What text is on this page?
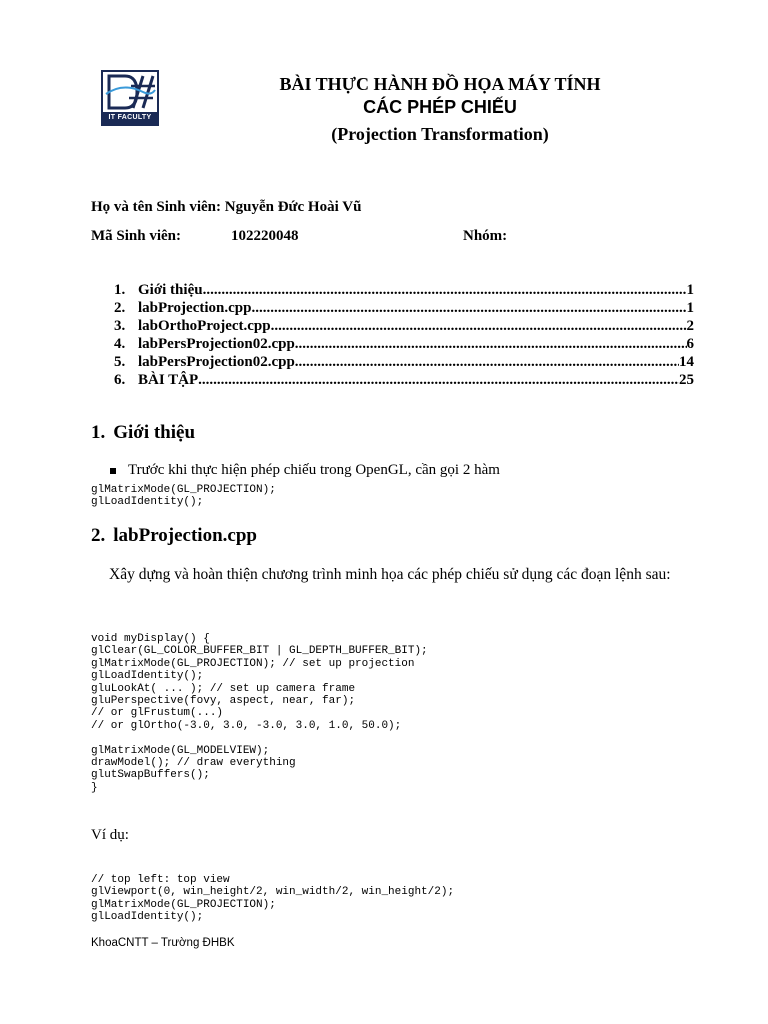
IT FACULTY
BÀI THỰC HÀNH ĐỒ HỌA MÁY TÍNH
CÁC PHÉP CHIẾU
(Projection Transformation)
Họ và tên Sinh viên: Nguyễn Đức Hoài Vũ
Mã Sinh viên:	102220048	Nhóm:
1. Giới thiệu .....	1
2. labProjection.cpp .....	1
3. labOrthoProject.cpp .....	2
4. labPersProjection02.cpp .....	6
5. labPersProjection02.cpp .....	14
6. BÀI TẬP .....	25
1. Giới thiệu
Trước khi thực hiện phép chiếu trong OpenGL, cần gọi 2 hàm
glMatrixMode(GL_PROJECTION);
glLoadIdentity();
2. labProjection.cpp
Xây dựng và hoàn thiện chương trình minh họa các phép chiếu sử dụng các đoạn lệnh sau:
void myDisplay() {
glClear(GL_COLOR_BUFFER_BIT | GL_DEPTH_BUFFER_BIT);
glMatrixMode(GL_PROJECTION); // set up projection
glLoadIdentity();
gluLookAt( ... ); // set up camera frame
gluPerspective(fovy, aspect, near, far);
// or glFrustum(...)
// or glOrtho(-3.0, 3.0, -3.0, 3.0, 1.0, 50.0);

glMatrixMode(GL_MODELVIEW);
drawModel(); // draw everything
glutSwapBuffers();
}
Ví dụ:
// top left: top view
glViewport(0, win_height/2, win_width/2, win_height/2);
glMatrixMode(GL_PROJECTION);
glLoadIdentity();
KhoaCNTT – Trường ĐHBK
